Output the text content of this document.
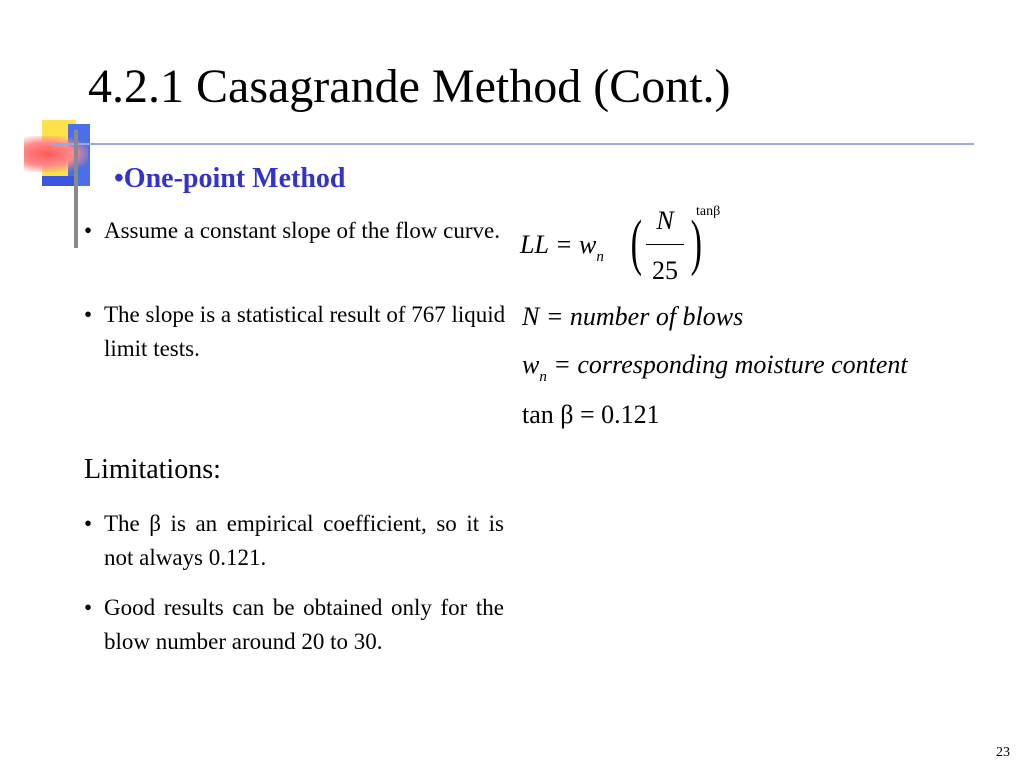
4.2.1 Casagrande Method (Cont.)
•One-point Method
• Assume a constant slope of the flow curve.
• The slope is a statistical result of 767 liquid limit tests.
Limitations:
• The β is an empirical coefficient, so it is not always 0.121.
• Good results can be obtained only for the blow number around 20 to 30.
LL = $w_n$ ( N
25 )
tanβ
N = number of blows
$w_n$ = corresponding moisture content
tan β = 0.121
23
